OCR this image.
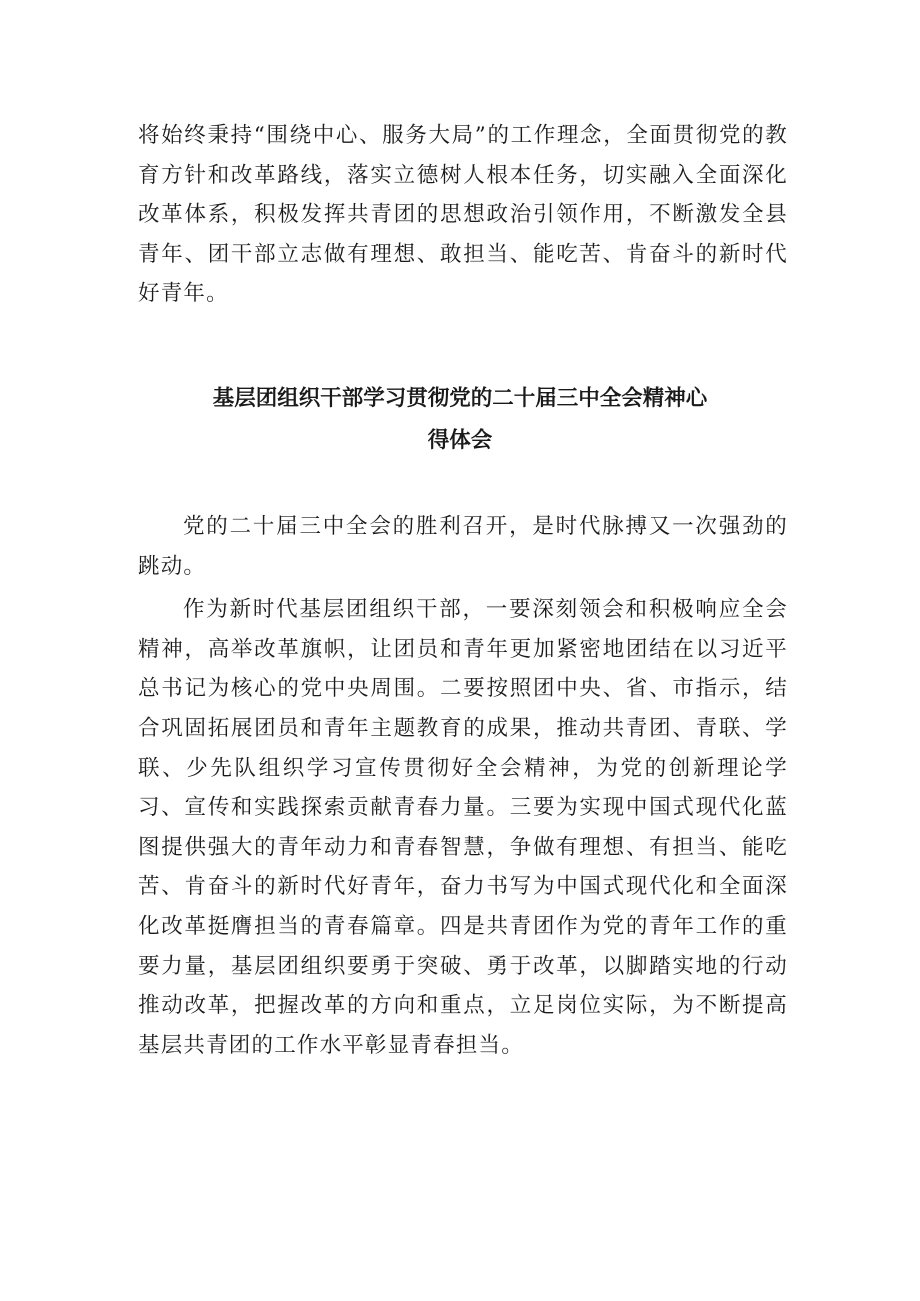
将始终秉持“围绕中心、服务大局”的工作理念，全面贯彻党的教育方针和改革路线，落实立德树人根本任务，切实融入全面深化改革体系，积极发挥共青团的思想政治引领作用，不断激发全县青年、团干部立志做有理想、敢担当、能吃苦、肯奋斗的新时代好青年。

基层团组织干部学习贯彻党的二十届三中全会精神心
得体会

党的二十届三中全会的胜利召开，是时代脉搏又一次强劲的跳动。

作为新时代基层团组织干部，一要深刻领会和积极响应全会精神，高举改革旗帜，让团员和青年更加紧密地团结在以习近平总书记为核心的党中央周围。二要按照团中央、省、市指示，结合巩固拓展团员和青年主题教育的成果，推动共青团、青联、学联、少先队组织学习宣传贯彻好全会精神，为党的创新理论学习、宣传和实践探索贡献青春力量。三要为实现中国式现代化蓝图提供强大的青年动力和青春智慧，争做有理想、有担当、能吃苦、肯奋斗的新时代好青年，奋力书写为中国式现代化和全面深化改革挺膺担当的青春篇章。四是共青团作为党的青年工作的重要力量，基层团组织要勇于突破、勇于改革，以脚踏实地的行动推动改革，把握改革的方向和重点，立足岗位实际，为不断提高基层共青团的工作水平彰显青春担当。
